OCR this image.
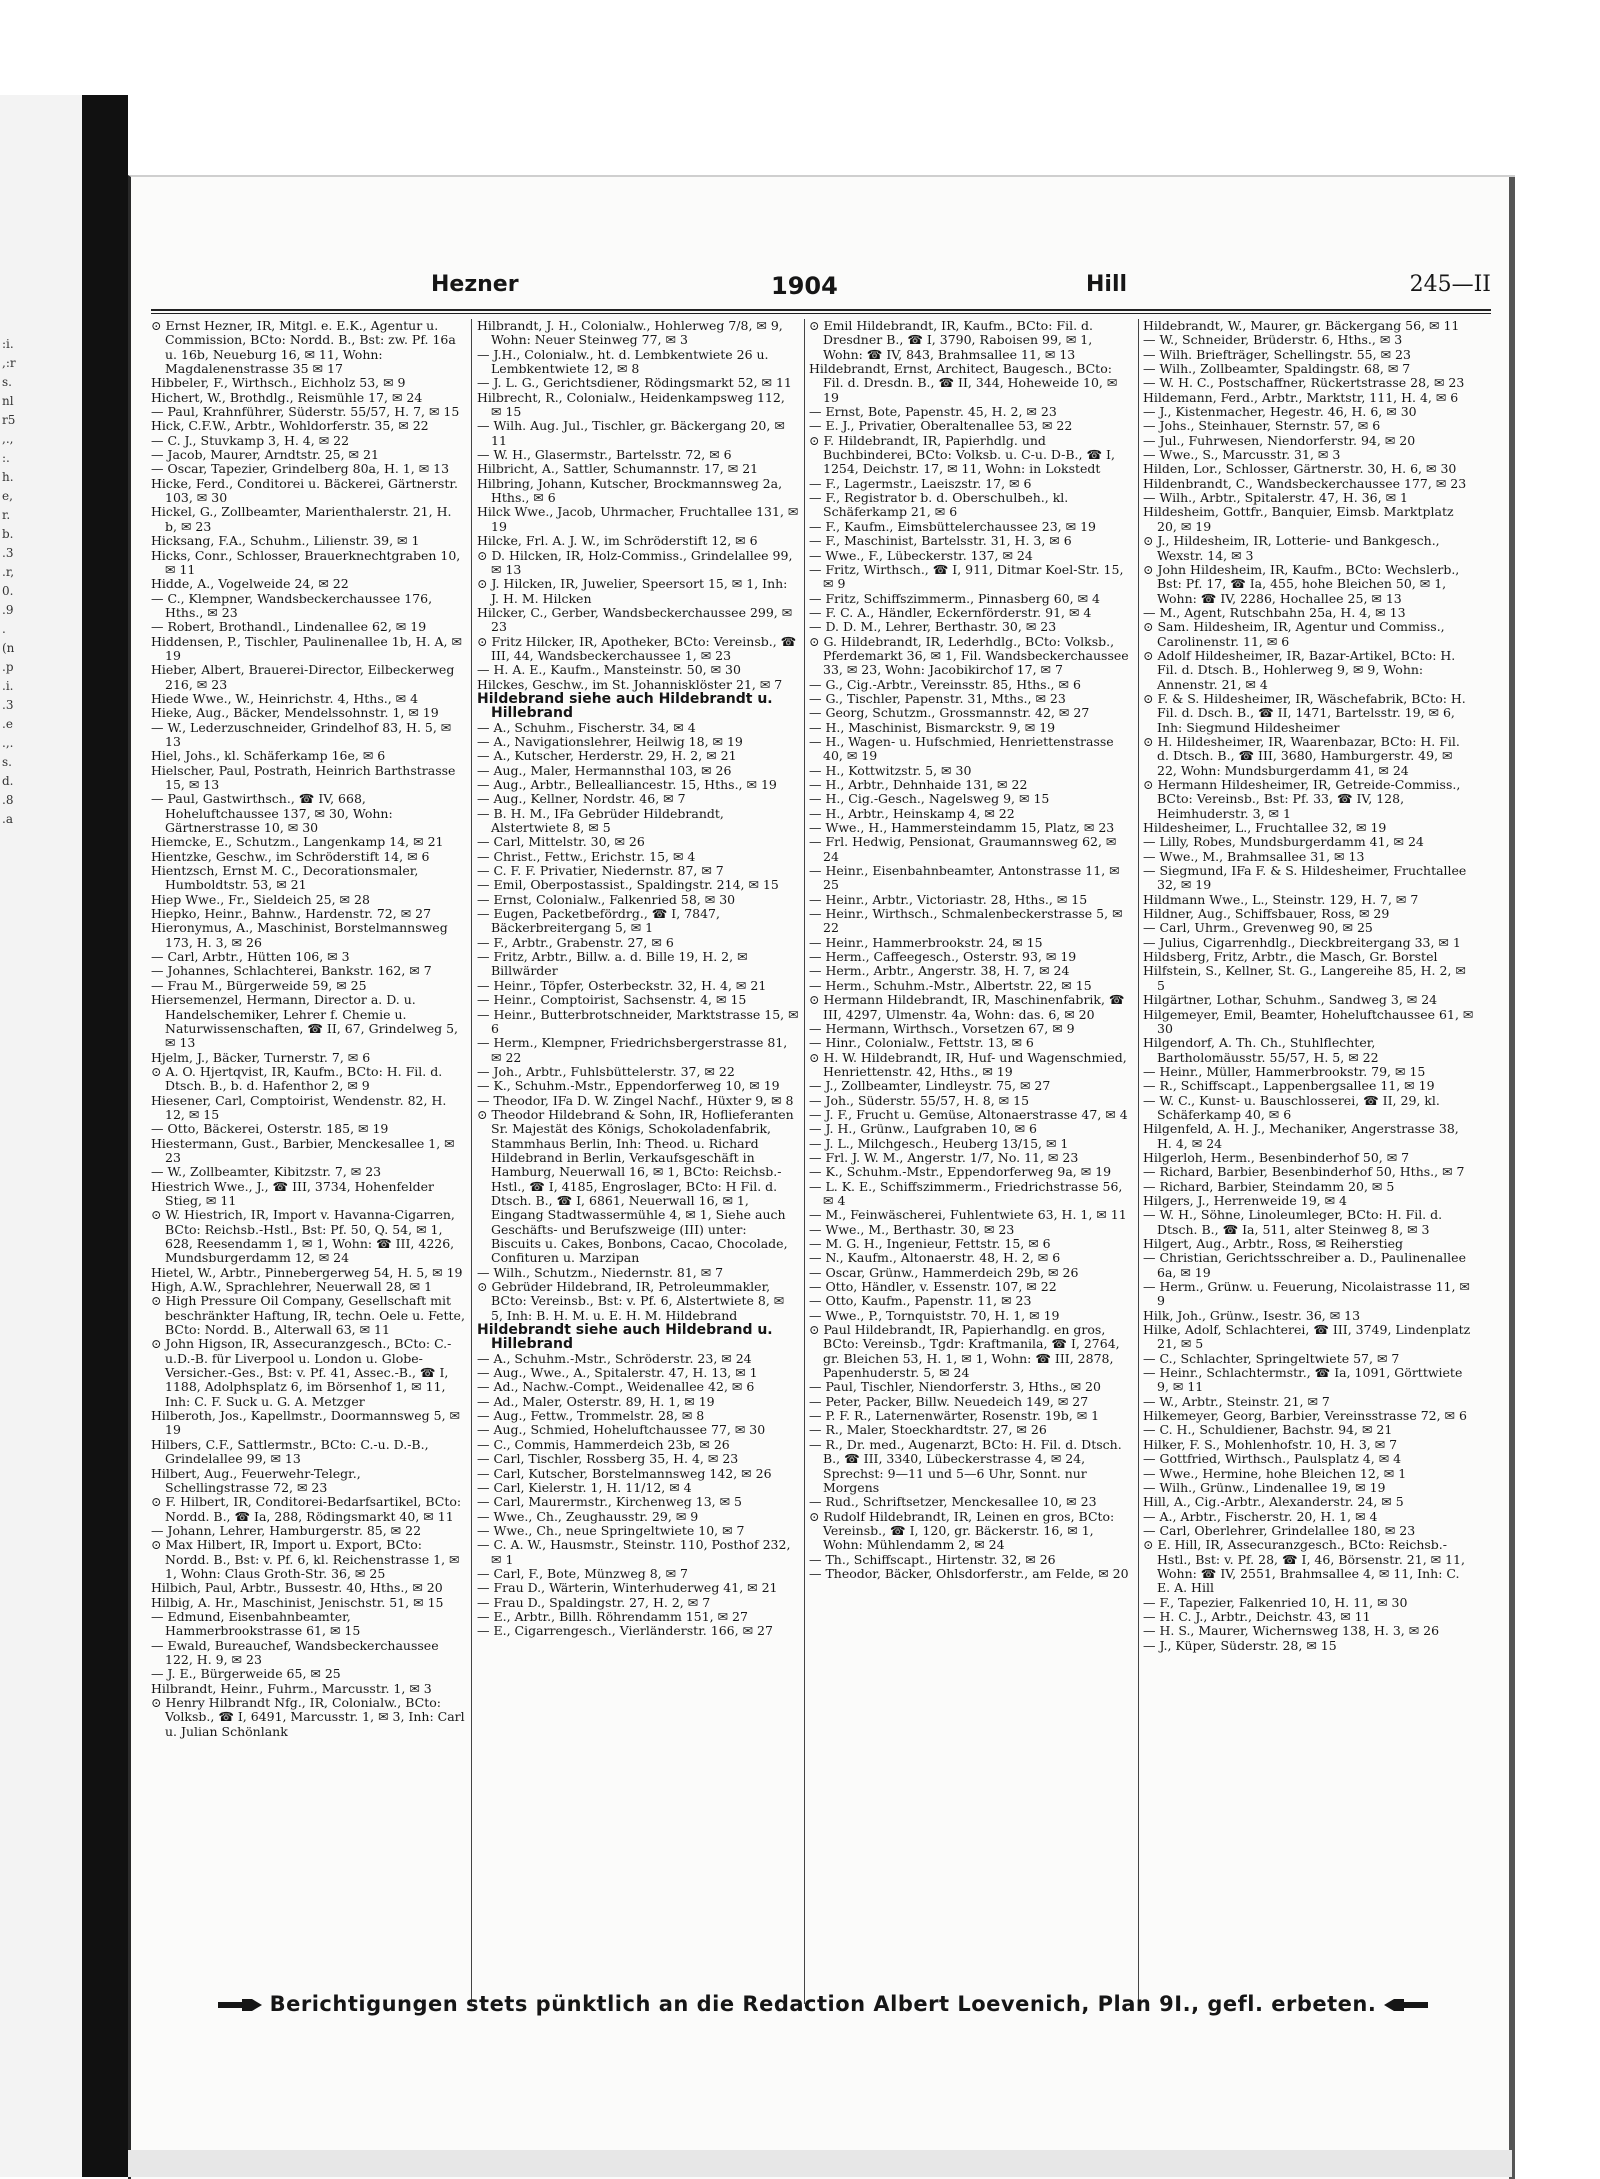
:i.,:rs.nlr5,.,:.h.e,r.b..3.r,0..9.(n.p.i..3.e.,.s.d..8.a
Hezner	1904	Hill	245—II

⊙ Ernst Hezner, IR, Mitgl. e. E.K., Agentur u. Commission, BCto: Nordd. B., Bst: zw. Pf. 16a u. 16b, Neueburg 16, ✉ 11, Wohn: Magdalenenstrasse 35 ✉ 17

Hibbeler, F., Wirthsch., Eichholz 53, ✉ 9

Hichert, W., Brothdlg., Reismühle 17, ✉ 24

— Paul, Krahnführer, Süderstr. 55/57, H. 7, ✉ 15

Hick, C.F.W., Arbtr., Wohldorferstr. 35, ✉ 22

— C. J., Stuvkamp 3, H. 4, ✉ 22

— Jacob, Maurer, Arndtstr. 25, ✉ 21

— Oscar, Tapezier, Grindelberg 80a, H. 1, ✉ 13

Hicke, Ferd., Conditorei u. Bäckerei, Gärtnerstr. 103, ✉ 30

Hickel, G., Zollbeamter, Marienthalerstr. 21, H. b, ✉ 23

Hicksang, F.A., Schuhm., Lilienstr. 39, ✉ 1

Hicks, Conr., Schlosser, Brauerknechtgraben 10, ✉ 11

Hidde, A., Vogelweide 24, ✉ 22

— C., Klempner, Wandsbeckerchaussee 176, Hths., ✉ 23

— Robert, Brothandl., Lindenallee 62, ✉ 19

Hiddensen, P., Tischler, Paulinenallee 1b, H. A, ✉ 19

Hieber, Albert, Brauerei-Director, Eilbeckerweg 216, ✉ 23

Hiede Wwe., W., Heinrichstr. 4, Hths., ✉ 4

Hieke, Aug., Bäcker, Mendelssohnstr. 1, ✉ 19

— W., Lederzuschneider, Grindelhof 83, H. 5, ✉ 13

Hiel, Johs., kl. Schäferkamp 16e, ✉ 6

Hielscher, Paul, Postrath, Heinrich Barthstrasse 15, ✉ 13

— Paul, Gastwirthsch., ☎ IV, 668, Hoheluftchaussee 137, ✉ 30, Wohn: Gärtnerstrasse 10, ✉ 30

Hiemcke, E., Schutzm., Langenkamp 14, ✉ 21

Hientzke, Geschw., im Schröderstift 14, ✉ 6

Hientzsch, Ernst M. C., Decorationsmaler, Humboldtstr. 53, ✉ 21

Hiep Wwe., Fr., Sieldeich 25, ✉ 28

Hiepko, Heinr., Bahnw., Hardenstr. 72, ✉ 27

Hieronymus, A., Maschinist, Borstelmannsweg 173, H. 3, ✉ 26

— Carl, Arbtr., Hütten 106, ✉ 3

— Johannes, Schlachterei, Bankstr. 162, ✉ 7

— Frau M., Bürgerweide 59, ✉ 25

Hiersemenzel, Hermann, Director a. D. u. Handelschemiker, Lehrer f. Chemie u. Naturwissenschaften, ☎ II, 67, Grindelweg 5, ✉ 13

Hjelm, J., Bäcker, Turnerstr. 7, ✉ 6

⊙ A. O. Hjertqvist, IR, Kaufm., BCto: H. Fil. d. Dtsch. B., b. d. Hafenthor 2, ✉ 9

Hiesener, Carl, Comptoirist, Wendenstr. 82, H. 12, ✉ 15

— Otto, Bäckerei, Osterstr. 185, ✉ 19

Hiestermann, Gust., Barbier, Menckesallee 1, ✉ 23

— W., Zollbeamter, Kibitzstr. 7, ✉ 23

Hiestrich Wwe., J., ☎ III, 3734, Hohenfelder Stieg, ✉ 11

⊙ W. Hiestrich, IR, Import v. Havanna-Cigarren, BCto: Reichsb.-Hstl., Bst: Pf. 50, Q. 54, ✉ 1, 628, Reesendamm 1, ✉ 1, Wohn: ☎ III, 4226, Mundsburgerdamm 12, ✉ 24

Hietel, W., Arbtr., Pinnebergerweg 54, H. 5, ✉ 19

High, A.W., Sprachlehrer, Neuerwall 28, ✉ 1

⊙ High Pressure Oil Company, Gesellschaft mit beschränkter Haftung, IR, techn. Oele u. Fette, BCto: Nordd. B., Alterwall 63, ✉ 11

⊙ John Higson, IR, Assecuranzgesch., BCto: C.-u.D.-B. für Liverpool u. London u. Globe-Versicher.-Ges., Bst: v. Pf. 41, Assec.-B., ☎ I, 1188, Adolphsplatz 6, im Börsenhof 1, ✉ 11, Inh: C. F. Suck u. G. A. Metzger

Hilberoth, Jos., Kapellmstr., Doormannsweg 5, ✉ 19

Hilbers, C.F., Sattlermstr., BCto: C.-u. D.-B., Grindelallee 99, ✉ 13

Hilbert, Aug., Feuerwehr-Telegr., Schellingstrasse 72, ✉ 23

⊙ F. Hilbert, IR, Conditorei-Bedarfsartikel, BCto: Nordd. B., ☎ Ia, 288, Rödingsmarkt 40, ✉ 11

— Johann, Lehrer, Hamburgerstr. 85, ✉ 22

⊙ Max Hilbert, IR, Import u. Export, BCto: Nordd. B., Bst: v. Pf. 6, kl. Reichenstrasse 1, ✉ 1, Wohn: Claus Groth-Str. 36, ✉ 25

Hilbich, Paul, Arbtr., Bussestr. 40, Hths., ✉ 20

Hilbig, A. Hr., Maschinist, Jenischstr. 51, ✉ 15

— Edmund, Eisenbahnbeamter, Hammerbrookstrasse 61, ✉ 15

— Ewald, Bureauchef, Wandsbeckerchaussee 122, H. 9, ✉ 23

— J. E., Bürgerweide 65, ✉ 25

Hilbrandt, Heinr., Fuhrm., Marcusstr. 1, ✉ 3

⊙ Henry Hilbrandt Nfg., IR, Colonialw., BCto: Volksb., ☎ I, 6491, Marcusstr. 1, ✉ 3, Inh: Carl u. Julian Schönlank

Hilbrandt, J. H., Colonialw., Hohlerweg 7/8, ✉ 9, Wohn: Neuer Steinweg 77, ✉ 3

— J.H., Colonialw., ht. d. Lembkentwiete 26 u. Lembkentwiete 12, ✉ 8

— J. L. G., Gerichtsdiener, Rödingsmarkt 52, ✉ 11

Hilbrecht, R., Colonialw., Heidenkampsweg 112, ✉ 15

— Wilh. Aug. Jul., Tischler, gr. Bäckergang 20, ✉ 11

— W. H., Glasermstr., Bartelsstr. 72, ✉ 6

Hilbricht, A., Sattler, Schumannstr. 17, ✉ 21

Hilbring, Johann, Kutscher, Brockmannsweg 2a, Hths., ✉ 6

Hilck Wwe., Jacob, Uhrmacher, Fruchtallee 131, ✉ 19

Hilcke, Frl. A. J. W., im Schröderstift 12, ✉ 6

⊙ D. Hilcken, IR, Holz-Commiss., Grindelallee 99, ✉ 13

⊙ J. Hilcken, IR, Juwelier, Speersort 15, ✉ 1, Inh: J. H. M. Hilcken

Hilcker, C., Gerber, Wandsbeckerchaussee 299, ✉ 23

⊙ Fritz Hilcker, IR, Apotheker, BCto: Vereinsb., ☎ III, 44, Wandsbeckerchaussee 1, ✉ 23

— H. A. E., Kaufm., Mansteinstr. 50, ✉ 30

Hilckes, Geschw., im St. Johannisklöster 21, ✉ 7

Hildebrand siehe auch Hildebrandt u. Hillebrand

— A., Schuhm., Fischerstr. 34, ✉ 4

— A., Navigationslehrer, Heilwig 18, ✉ 19

— A., Kutscher, Herderstr. 29, H. 2, ✉ 21

— Aug., Maler, Hermannsthal 103, ✉ 26

— Aug., Arbtr., Bellealliancestr. 15, Hths., ✉ 19

— Aug., Kellner, Nordstr. 46, ✉ 7

— B. H. M., IFa Gebrüder Hildebrandt, Alstertwiete 8, ✉ 5

— Carl, Mittelstr. 30, ✉ 26

— Christ., Fettw., Erichstr. 15, ✉ 4

— C. F. F. Privatier, Niedernstr. 87, ✉ 7

— Emil, Oberpostassist., Spaldingstr. 214, ✉ 15

— Ernst, Colonialw., Falkenried 58, ✉ 30

— Eugen, Packetbefördrg., ☎ I, 7847, Bäckerbreitergang 5, ✉ 1

— F., Arbtr., Grabenstr. 27, ✉ 6

— Fritz, Arbtr., Billw. a. d. Bille 19, H. 2, ✉ Billwärder

— Heinr., Töpfer, Osterbeckstr. 32, H. 4, ✉ 21

— Heinr., Comptoirist, Sachsenstr. 4, ✉ 15

— Heinr., Butterbrotschneider, Marktstrasse 15, ✉ 6

— Herm., Klempner, Friedrichsbergerstrasse 81, ✉ 22

— Joh., Arbtr., Fuhlsbüttelerstr. 37, ✉ 22

— K., Schuhm.-Mstr., Eppendorferweg 10, ✉ 19

— Theodor, IFa D. W. Zingel Nachf., Hüxter 9, ✉ 8

⊙ Theodor Hildebrand & Sohn, IR, Hoflieferanten Sr. Majestät des Königs, Schokoladenfabrik, Stammhaus Berlin, Inh: Theod. u. Richard Hildebrand in Berlin, Verkaufsgeschäft in Hamburg, Neuerwall 16, ✉ 1, BCto: Reichsb.-Hstl., ☎ I, 4185, Engroslager, BCto: H Fil. d. Dtsch. B., ☎ I, 6861, Neuerwall 16, ✉ 1, Eingang Stadtwassermühle 4, ✉ 1, Siehe auch Geschäfts- und Berufszweige (III) unter: Biscuits u. Cakes, Bonbons, Cacao, Chocolade, Confituren u. Marzipan

— Wilh., Schutzm., Niedernstr. 81, ✉ 7

⊙ Gebrüder Hildebrand, IR, Petroleummakler, BCto: Vereinsb., Bst: v. Pf. 6, Alstertwiete 8, ✉ 5, Inh: B. H. M. u. E. H. M. Hildebrand

Hildebrandt siehe auch Hildebrand u. Hillebrand

— A., Schuhm.-Mstr., Schröderstr. 23, ✉ 24

— Aug., Wwe., A., Spitalerstr. 47, H. 13, ✉ 1

— Ad., Nachw.-Compt., Weidenallee 42, ✉ 6

— Ad., Maler, Osterstr. 89, H. 1, ✉ 19

— Aug., Fettw., Trommelstr. 28, ✉ 8

— Aug., Schmied, Hoheluftchaussee 77, ✉ 30

— C., Commis, Hammerdeich 23b, ✉ 26

— Carl, Tischler, Rossberg 35, H. 4, ✉ 23

— Carl, Kutscher, Borstelmannsweg 142, ✉ 26

— Carl, Kielerstr. 1, H. 11/12, ✉ 4

— Carl, Maurermstr., Kirchenweg 13, ✉ 5

— Wwe., Ch., Zeughausstr. 29, ✉ 9

— Wwe., Ch., neue Springeltwiete 10, ✉ 7

— C. A. W., Hausmstr., Steinstr. 110, Posthof 232, ✉ 1

— Carl, F., Bote, Münzweg 8, ✉ 7

— Frau D., Wärterin, Winterhuderweg 41, ✉ 21

— Frau D., Spaldingstr. 27, H. 2, ✉ 7

— E., Arbtr., Billh. Röhrendamm 151, ✉ 27

— E., Cigarrengesch., Vierländerstr. 166, ✉ 27

⊙ Emil Hildebrandt, IR, Kaufm., BCto: Fil. d. Dresdner B., ☎ I, 3790, Raboisen 99, ✉ 1, Wohn: ☎ IV, 843, Brahmsallee 11, ✉ 13

Hildebrandt, Ernst, Architect, Baugesch., BCto: Fil. d. Dresdn. B., ☎ II, 344, Hoheweide 10, ✉ 19

— Ernst, Bote, Papenstr. 45, H. 2, ✉ 23

— E. J., Privatier, Oberaltenallee 53, ✉ 22

⊙ F. Hildebrandt, IR, Papierhdlg. und Buchbinderei, BCto: Volksb. u. C-u. D-B., ☎ I, 1254, Deichstr. 17, ✉ 11, Wohn: in Lokstedt

— F., Lagermstr., Laeiszstr. 17, ✉ 6

— F., Registrator b. d. Oberschulbeh., kl. Schäferkamp 21, ✉ 6

— F., Kaufm., Eimsbüttelerchaussee 23, ✉ 19

— F., Maschinist, Bartelsstr. 31, H. 3, ✉ 6

— Wwe., F., Lübeckerstr. 137, ✉ 24

— Fritz, Wirthsch., ☎ I, 911, Ditmar Koel-Str. 15, ✉ 9

— Fritz, Schiffszimmerm., Pinnasberg 60, ✉ 4

— F. C. A., Händler, Eckernförderstr. 91, ✉ 4

— D. D. M., Lehrer, Berthastr. 30, ✉ 23

⊙ G. Hildebrandt, IR, Lederhdlg., BCto: Volksb., Pferdemarkt 36, ✉ 1, Fil. Wandsbeckerchaussee 33, ✉ 23, Wohn: Jacobikirchof 17, ✉ 7

— G., Cig.-Arbtr., Vereinsstr. 85, Hths., ✉ 6

— G., Tischler, Papenstr. 31, Mths., ✉ 23

— Georg, Schutzm., Grossmannstr. 42, ✉ 27

— H., Maschinist, Bismarckstr. 9, ✉ 19

— H., Wagen- u. Hufschmied, Henriettenstrasse 40, ✉ 19

— H., Kottwitzstr. 5, ✉ 30

— H., Arbtr., Dehnhaide 131, ✉ 22

— H., Cig.-Gesch., Nagelsweg 9, ✉ 15

— H., Arbtr., Heinskamp 4, ✉ 22

— Wwe., H., Hammersteindamm 15, Platz, ✉ 23

— Frl. Hedwig, Pensionat, Graumannsweg 62, ✉ 24

— Heinr., Eisenbahnbeamter, Antonstrasse 11, ✉ 25

— Heinr., Arbtr., Victoriastr. 28, Hths., ✉ 15

— Heinr., Wirthsch., Schmalenbeckerstrasse 5, ✉ 22

— Heinr., Hammerbrookstr. 24, ✉ 15

— Herm., Caffeegesch., Osterstr. 93, ✉ 19

— Herm., Arbtr., Angerstr. 38, H. 7, ✉ 24

— Herm., Schuhm.-Mstr., Albertstr. 22, ✉ 15

⊙ Hermann Hildebrandt, IR, Maschinenfabrik, ☎ III, 4297, Ulmenstr. 4a, Wohn: das. 6, ✉ 20

— Hermann, Wirthsch., Vorsetzen 67, ✉ 9

— Hinr., Colonialw., Fettstr. 13, ✉ 6

⊙ H. W. Hildebrandt, IR, Huf- und Wagenschmied, Henriettenstr. 42, Hths., ✉ 19

— J., Zollbeamter, Lindleystr. 75, ✉ 27

— Joh., Süderstr. 55/57, H. 8, ✉ 15

— J. F., Frucht u. Gemüse, Altonaerstrasse 47, ✉ 4

— J. H., Grünw., Laufgraben 10, ✉ 6

— J. L., Milchgesch., Heuberg 13/15, ✉ 1

— Frl. J. W. M., Angerstr. 1/7, No. 11, ✉ 23

— K., Schuhm.-Mstr., Eppendorferweg 9a, ✉ 19

— L. K. E., Schiffszimmerm., Friedrichstrasse 56, ✉ 4

— M., Feinwäscherei, Fuhlentwiete 63, H. 1, ✉ 11

— Wwe., M., Berthastr. 30, ✉ 23

— M. G. H., Ingenieur, Fettstr. 15, ✉ 6

— N., Kaufm., Altonaerstr. 48, H. 2, ✉ 6

— Oscar, Grünw., Hammerdeich 29b, ✉ 26

— Otto, Händler, v. Essenstr. 107, ✉ 22

— Otto, Kaufm., Papenstr. 11, ✉ 23

— Wwe., P., Tornquiststr. 70, H. 1, ✉ 19

⊙ Paul Hildebrandt, IR, Papierhandlg. en gros, BCto: Vereinsb., Tgdr: Kraftmanila, ☎ I, 2764, gr. Bleichen 53, H. 1, ✉ 1, Wohn: ☎ III, 2878, Papenhuderstr. 5, ✉ 24

— Paul, Tischler, Niendorferstr. 3, Hths., ✉ 20

— Peter, Packer, Billw. Neuedeich 149, ✉ 27

— P. F. R., Laternenwärter, Rosenstr. 19b, ✉ 1

— R., Maler, Stoeckhardtstr. 27, ✉ 26

— R., Dr. med., Augenarzt, BCto: H. Fil. d. Dtsch. B., ☎ III, 3340, Lübeckerstrasse 4, ✉ 24, Sprechst: 9—11 und 5—6 Uhr, Sonnt. nur Morgens

— Rud., Schriftsetzer, Menckesallee 10, ✉ 23

⊙ Rudolf Hildebrandt, IR, Leinen en gros, BCto: Vereinsb., ☎ I, 120, gr. Bäckerstr. 16, ✉ 1, Wohn: Mühlendamm 2, ✉ 24

— Th., Schiffscapt., Hirtenstr. 32, ✉ 26

— Theodor, Bäcker, Ohlsdorferstr., am Felde, ✉ 20

Hildebrandt, W., Maurer, gr. Bäckergang 56, ✉ 11

— W., Schneider, Brüderstr. 6, Hths., ✉ 3

— Wilh. Briefträger, Schellingstr. 55, ✉ 23

— Wilh., Zollbeamter, Spaldingstr. 68, ✉ 7

— W. H. C., Postschaffner, Rückertstrasse 28, ✉ 23

Hildemann, Ferd., Arbtr., Marktstr, 111, H. 4, ✉ 6

— J., Kistenmacher, Hegestr. 46, H. 6, ✉ 30

— Johs., Steinhauer, Sternstr. 57, ✉ 6

— Jul., Fuhrwesen, Niendorferstr. 94, ✉ 20

— Wwe., S., Marcusstr. 31, ✉ 3

Hilden, Lor., Schlosser, Gärtnerstr. 30, H. 6, ✉ 30

Hildenbrandt, C., Wandsbeckerchaussee 177, ✉ 23

— Wilh., Arbtr., Spitalerstr. 47, H. 36, ✉ 1

Hildesheim, Gottfr., Banquier, Eimsb. Marktplatz 20, ✉ 19

⊙ J., Hildesheim, IR, Lotterie- und Bankgesch., Wexstr. 14, ✉ 3

⊙ John Hildesheim, IR, Kaufm., BCto: Wechslerb., Bst: Pf. 17, ☎ Ia, 455, hohe Bleichen 50, ✉ 1, Wohn: ☎ IV, 2286, Hochallee 25, ✉ 13

— M., Agent, Rutschbahn 25a, H. 4, ✉ 13

⊙ Sam. Hildesheim, IR, Agentur und Commiss., Carolinenstr. 11, ✉ 6

⊙ Adolf Hildesheimer, IR, Bazar-Artikel, BCto: H. Fil. d. Dtsch. B., Hohlerweg 9, ✉ 9, Wohn: Annenstr. 21, ✉ 4

⊙ F. & S. Hildesheimer, IR, Wäschefabrik, BCto: H. Fil. d. Dsch. B., ☎ II, 1471, Bartelsstr. 19, ✉ 6, Inh: Siegmund Hildesheimer

⊙ H. Hildesheimer, IR, Waarenbazar, BCto: H. Fil. d. Dtsch. B., ☎ III, 3680, Hamburgerstr. 49, ✉ 22, Wohn: Mundsburgerdamm 41, ✉ 24

⊙ Hermann Hildesheimer, IR, Getreide-Commiss., BCto: Vereinsb., Bst: Pf. 33, ☎ IV, 128, Heimhuderstr. 3, ✉ 1

Hildesheimer, L., Fruchtallee 32, ✉ 19

— Lilly, Robes, Mundsburgerdamm 41, ✉ 24

— Wwe., M., Brahmsallee 31, ✉ 13

— Siegmund, IFa F. & S. Hildesheimer, Fruchtallee 32, ✉ 19

Hildmann Wwe., L., Steinstr. 129, H. 7, ✉ 7

Hildner, Aug., Schiffsbauer, Ross, ✉ 29

— Carl, Uhrm., Grevenweg 90, ✉ 25

— Julius, Cigarrenhdlg., Dieckbreitergang 33, ✉ 1

Hildsberg, Fritz, Arbtr., die Masch, Gr. Borstel

Hilfstein, S., Kellner, St. G., Langereihe 85, H. 2, ✉ 5

Hilgärtner, Lothar, Schuhm., Sandweg 3, ✉ 24

Hilgemeyer, Emil, Beamter, Hoheluftchaussee 61, ✉ 30

Hilgendorf, A. Th. Ch., Stuhlflechter, Bartholomäusstr. 55/57, H. 5, ✉ 22

— Heinr., Müller, Hammerbrookstr. 79, ✉ 15

— R., Schiffscapt., Lappenbergsallee 11, ✉ 19

— W. C., Kunst- u. Bauschlosserei, ☎ II, 29, kl. Schäferkamp 40, ✉ 6

Hilgenfeld, A. H. J., Mechaniker, Angerstrasse 38, H. 4, ✉ 24

Hilgerloh, Herm., Besenbinderhof 50, ✉ 7

— Richard, Barbier, Besenbinderhof 50, Hths., ✉ 7

— Richard, Barbier, Steindamm 20, ✉ 5

Hilgers, J., Herrenweide 19, ✉ 4

— W. H., Söhne, Linoleumleger, BCto: H. Fil. d. Dtsch. B., ☎ Ia, 511, alter Steinweg 8, ✉ 3

Hilgert, Aug., Arbtr., Ross, ✉ Reiherstieg

— Christian, Gerichtsschreiber a. D., Paulinenallee 6a, ✉ 19

— Herm., Grünw. u. Feuerung, Nicolaistrasse 11, ✉ 9

Hilk, Joh., Grünw., Isestr. 36, ✉ 13

Hilke, Adolf, Schlachterei, ☎ III, 3749, Lindenplatz 21, ✉ 5

— C., Schlachter, Springeltwiete 57, ✉ 7

— Heinr., Schlachtermstr., ☎ Ia, 1091, Görttwiete 9, ✉ 11

— W., Arbtr., Steinstr. 21, ✉ 7

Hilkemeyer, Georg, Barbier, Vereinsstrasse 72, ✉ 6

— C. H., Schuldiener, Bachstr. 94, ✉ 21

Hilker, F. S., Mohlenhofstr. 10, H. 3, ✉ 7

— Gottfried, Wirthsch., Paulsplatz 4, ✉ 4

— Wwe., Hermine, hohe Bleichen 12, ✉ 1

— Wilh., Grünw., Lindenallee 19, ✉ 19

Hill, A., Cig.-Arbtr., Alexanderstr. 24, ✉ 5

— A., Arbtr., Fischerstr. 20, H. 1, ✉ 4

— Carl, Oberlehrer, Grindelallee 180, ✉ 23

⊙ E. Hill, IR, Assecuranzgesch., BCto: Reichsb.-Hstl., Bst: v. Pf. 28, ☎ I, 46, Börsenstr. 21, ✉ 11, Wohn: ☎ IV, 2551, Brahmsallee 4, ✉ 11, Inh: C. E. A. Hill

— F., Tapezier, Falkenried 10, H. 11, ✉ 30

— H. C. J., Arbtr., Deichstr. 43, ✉ 11

— H. S., Maurer, Wichernsweg 138, H. 3, ✉ 26

— J., Küper, Süderstr. 28, ✉ 15

Berichtigungen stets pünktlich an die Redaction Albert Loevenich, Plan 9I., gefl. erbeten.
